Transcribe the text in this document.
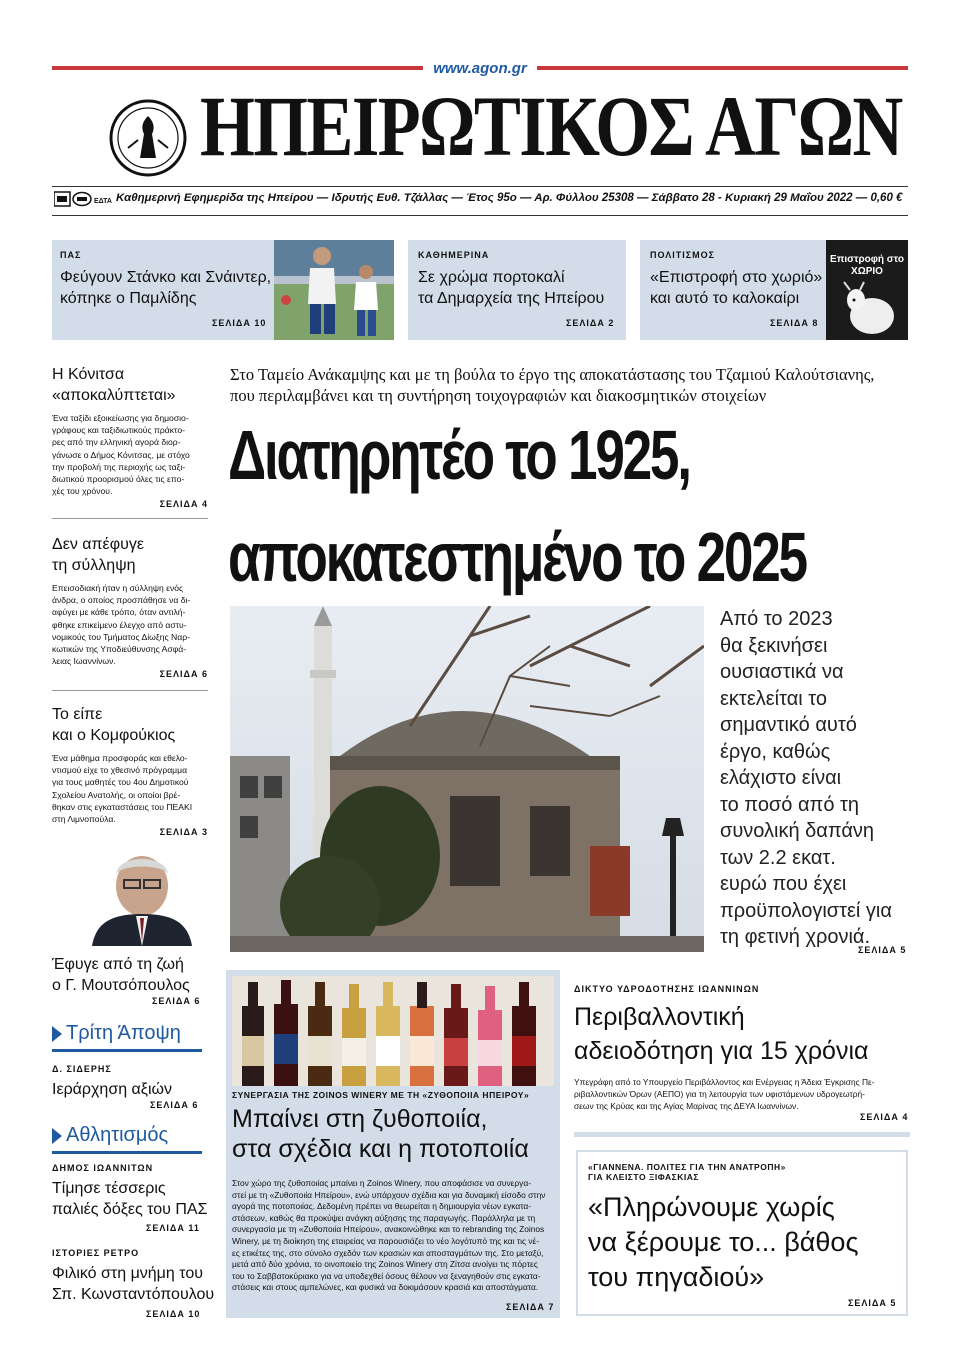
www.agon.gr
ΗΠΕΙΡΩΤΙΚΟΣ ΑΓΩΝ
ΕΔΤΑ Καθημερινή Εφημερίδα της Ηπείρου — Ιδρυτής Ευθ. Τζάλλας — Έτος 95ο — Αρ. Φύλλου 25308 — Σάββατο 28 - Κυριακή 29 Μαΐου 2022 — 0,60 €
ΠΑΣ
Φεύγουν Στάνκο και Σνάιντερ,
κόπηκε ο Παμλίδης
ΣΕΛΙΔΑ 10
ΚΑΘΗΜΕΡΙΝΑ
Σε χρώμα πορτοκαλί
τα Δημαρχεία της Ηπείρου
ΣΕΛΙΔΑ 2
ΠΟΛΙΤΙΣΜΟΣ
«Επιστροφή στο χωριό»
και αυτό το καλοκαίρι
ΣΕΛΙΔΑ 8
Επιστροφή στο ΧΩΡΙΟ
Η Κόνιτσα
«αποκαλύπτεται»
Ένα ταξίδι εξοικείωσης για δημοσιο-
γράφους και ταξιδιωτικούς πράκτο-
ρες από την ελληνική αγορά διορ-
γάνωσε ο Δήμος Κόνιτσας, με στόχο
την προβολή της περιοχής ως ταξι-
διωτικού προορισμού όλες τις επο-
χές του χρόνου.
ΣΕΛΙΔΑ 4
Δεν απέφυγε
τη σύλληψη
Επεισοδιακή ήταν η σύλληψη ενός
άνδρα, ο οποίος προσπάθησε να δι-
αφύγει με κάθε τρόπο, όταν αντιλή-
φθηκε επικείμενο έλεγχο από αστυ-
νομικούς του Τμήματος Δίωξης Ναρ-
κωτικών της Υποδιεύθυνσης Ασφά-
λειας Ιωαννίνων.
ΣΕΛΙΔΑ 6
Το είπε
και ο Κομφούκιος
Ένα μάθημα προσφοράς και εθελο-
ντισμού είχε το χθεσινό πρόγραμμα
για τους μαθητές του 4ου Δημοτικού
Σχολείου Ανατολής, οι οποίοι βρέ-
θηκαν στις εγκαταστάσεις του ΠΕΑΚΙ
στη Λιμνοπούλα.
ΣΕΛΙΔΑ 3
Έφυγε από τη ζωή
ο Γ. Μουτσόπουλος
ΣΕΛΙΔΑ 6
Τρίτη Άποψη
Δ. ΣΙΔΕΡΗΣ
Ιεράρχηση αξιών
ΣΕΛΙΔΑ 6
Αθλητισμός
ΔΗΜΟΣ ΙΩΑΝΝΙΤΩΝ
Τίμησε τέσσερις
παλιές δόξες του ΠΑΣ
ΣΕΛΙΔΑ 11
ΙΣΤΟΡΙΕΣ ΡΕΤΡΟ
Φιλικό στη μνήμη του
Σπ. Κωνσταντόπουλου
ΣΕΛΙΔΑ 10
Στο Ταμείο Ανάκαμψης και με τη βούλα το έργο της αποκατάστασης του Τζαμιού Καλούτσιανης,
που περιλαμβάνει και τη συντήρηση τοιχογραφιών και διακοσμητικών στοιχείων
Διατηρητέο το 1925,
αποκατεστημένο το 2025
Από το 2023
θα ξεκινήσει
ουσιαστικά να
εκτελείται το
σημαντικό αυτό
έργο, καθώς
ελάχιστο είναι
το ποσό από τη
συνολική δαπάνη
των 2.2 εκατ.
ευρώ που έχει
προϋπολογιστεί για
τη φετινή χρονιά.
ΣΕΛΙΔΑ 5
ΣΥΝΕΡΓΑΣΙΑ ΤΗΣ ZOINOS WINERY ΜΕ ΤΗ «ΖΥΘΟΠΟΙΙΑ ΗΠΕΙΡΟΥ»
Μπαίνει στη ζυθοποιία,
στα σχέδια και η ποτοποιία
Στον χώρο της ζυθοποιίας μπαίνει η Zoinos Winery, που αποφάσισε να συνεργα-
στεί με τη «Ζυθοποιία Ηπείρου», ενώ υπάρχουν σχέδια και για δυναμική είσοδο στην
αγορά της ποτοποιίας. Δεδομένη πρέπει να θεωρείται η δημιουργία νέων εγκατα-
στάσεων, καθώς θα προκύψει ανάγκη αύξησης της παραγωγής. Παράλληλα με τη
συνεργασία με τη «Ζυθοποιία Ηπείρου», ανακοινώθηκε και το rebranding της Zoinos
Winery, με τη διοίκηση της εταιρείας να παρουσιάζει το νέο λογότυπό της και τις νέ-
ες ετικέτες της, στο σύνολο σχεδόν των κρασιών και αποσταγμάτων της. Στο μεταξύ,
μετά από δύο χρόνια, το οινοποιείο της Zoinos Winery στη Ζίτσα ανοίγει τις πόρτες
του το Σαββατοκύριακο για να υποδεχθεί όσους θέλουν να ξεναγηθούν στις εγκατα-
στάσεις και στους αμπελώνες, και φυσικά να δοκιμάσουν κρασιά και αποστάγματα.
ΣΕΛΙΔΑ 7
ΔΙΚΤΥΟ ΥΔΡΟΔΟΤΗΣΗΣ ΙΩΑΝΝΙΝΩΝ
Περιβαλλοντική
αδειοδότηση για 15 χρόνια
Υπεγράφη από το Υπουργείο Περιβάλλοντος και Ενέργειας η Άδεια Έγκρισης Πε-
ριβαλλοντικών Όρων (ΑΕΠΟ) για τη λειτουργία των υφιστάμενων υδρογεωτρή-
σεων της Κρύας και της Αγίας Μαρίνας της ΔΕΥΑ Ιωαννίνων.
ΣΕΛΙΔΑ 4
«ΓΙΑΝΝΕΝΑ. ΠΟΛΙΤΕΣ ΓΙΑ ΤΗΝ ΑΝΑΤΡΟΠΗ»
ΓΙΑ ΚΛΕΙΣΤΟ ΞΙΦΑΣΚΙΑΣ
«Πληρώνουμε χωρίς
να ξέρουμε το... βάθος
του πηγαδιού»
ΣΕΛΙΔΑ 5
